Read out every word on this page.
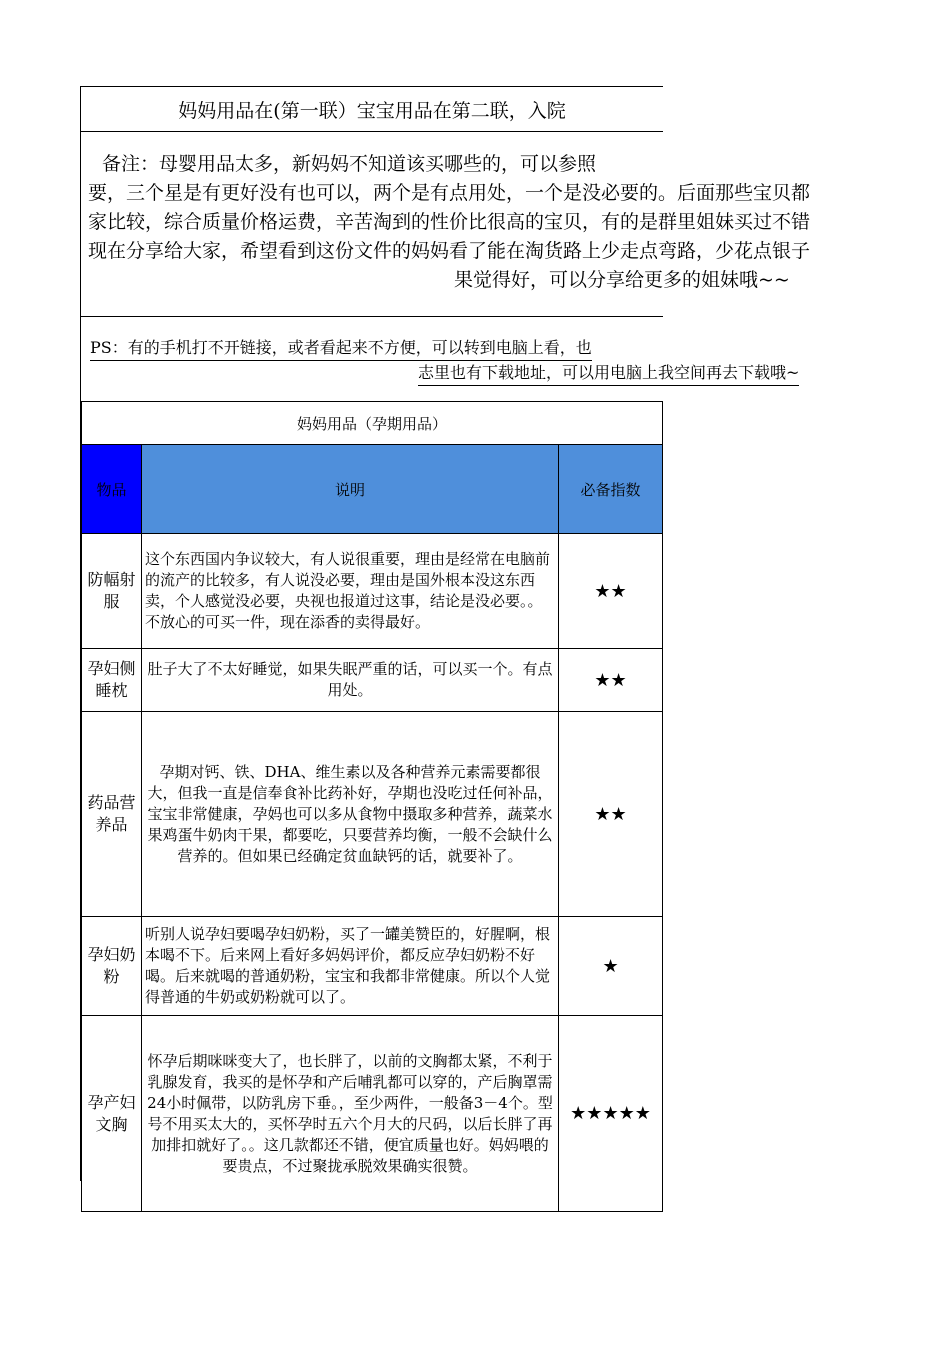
妈妈用品在(第一联）宝宝用品在第二联，入院
备注：母婴用品太多，新妈妈不知道该买哪些的，可以参照
要，三个星是有更好没有也可以，两个是有点用处，一个是没必要的。后面那些宝贝都
家比较，综合质量价格运费，辛苦淘到的性价比很高的宝贝，有的是群里姐妹买过不错
现在分享给大家，希望看到这份文件的妈妈看了能在淘货路上少走点弯路，少花点银子
果觉得好，可以分享给更多的姐妹哦~~
PS：有的手机打不开链接，或者看起来不方便，可以转到电脑上看，也
志里也有下载地址，可以用电脑上我空间再去下载哦~
妈妈用品（孕期用品）		
物品	说明	必备指数
防幅射服	这个东西国内争议较大，有人说很重要，理由是经常在电脑前的流产的比较多，有人说没必要，理由是国外根本没这东西卖，个人感觉没必要，央视也报道过这事，结论是没必要。。不放心的可买一件，现在添香的卖得最好。	★★
孕妇侧睡枕	肚子大了不太好睡觉，如果失眠严重的话，可以买一个。有点用处。	★★
药品营养品	孕期对钙、铁、DHA、维生素以及各种营养元素需要都很大，但我一直是信奉食补比药补好，孕期也没吃过任何补品，宝宝非常健康，孕妈也可以多从食物中摄取多种营养，蔬菜水果鸡蛋牛奶肉干果，都要吃，只要营养均衡，一般不会缺什么营养的。但如果已经确定贫血缺钙的话，就要补了。	★★
孕妇奶粉	听别人说孕妇要喝孕妇奶粉，买了一罐美赞臣的，好腥啊，根本喝不下。后来网上看好多妈妈评价，都反应孕妇奶粉不好喝。后来就喝的普通奶粉，宝宝和我都非常健康。所以个人觉得普通的牛奶或奶粉就可以了。	★
孕产妇文胸	怀孕后期咪咪变大了，也长胖了，以前的文胸都太紧，不利于乳腺发育，我买的是怀孕和产后哺乳都可以穿的，产后胸罩需24小时佩带，以防乳房下垂。，至少两件，一般备3－4个。型号不用买太大的，买怀孕时五六个月大的尺码，以后长胖了再加排扣就好了。。这几款都还不错，便宜质量也好。妈妈喂的要贵点，不过聚拢承脱效果确实很赞。	★★★★★
